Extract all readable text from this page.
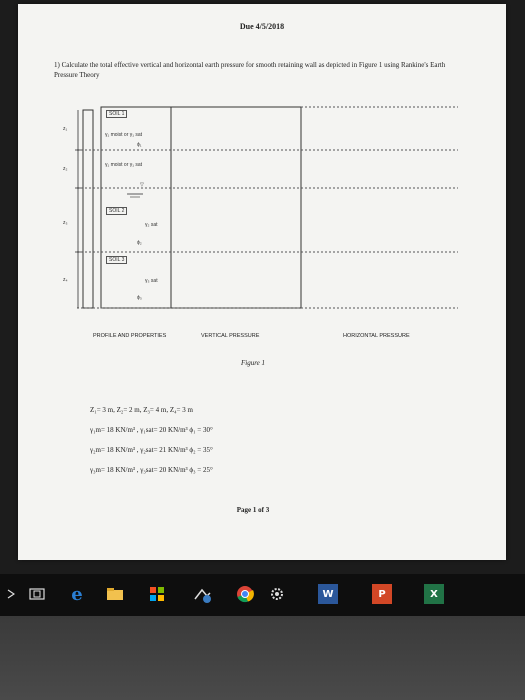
Due 4/5/2018
1) Calculate the total effective vertical and horizontal earth pressure for smooth retaining wall as depicted in Figure 1 using Rankine's Earth Pressure Theory
z₁
z₂
z₃
z₄
SOIL 1
γ₁ moist or γ₁ sat
ϕ₁
γ₁ moist or γ₁ sat
▽
SOIL 2
γ₂ sat
ϕ₂
SOIL 3
γ₃ sat
ϕ₃
PROFILE AND PROPERTIES	VERTICAL PRESSURE	HORIZONTAL PRESSURE
Figure 1
Z₁= 3 m, Z₂= 2 m, Z₃= 4 m, Z₄= 3 m
γ₁m= 18 KN/m³ , γ₁sat= 20 KN/m³ ϕ₁ = 30°
γ₂m= 18 KN/m³ , γ₂sat= 21 KN/m³ ϕ₂ = 35°
γ₃m= 18 KN/m³ , γ₃sat= 20 KN/m³ ϕ₃ = 25°
Page 1 of 3
e	W	P	X
